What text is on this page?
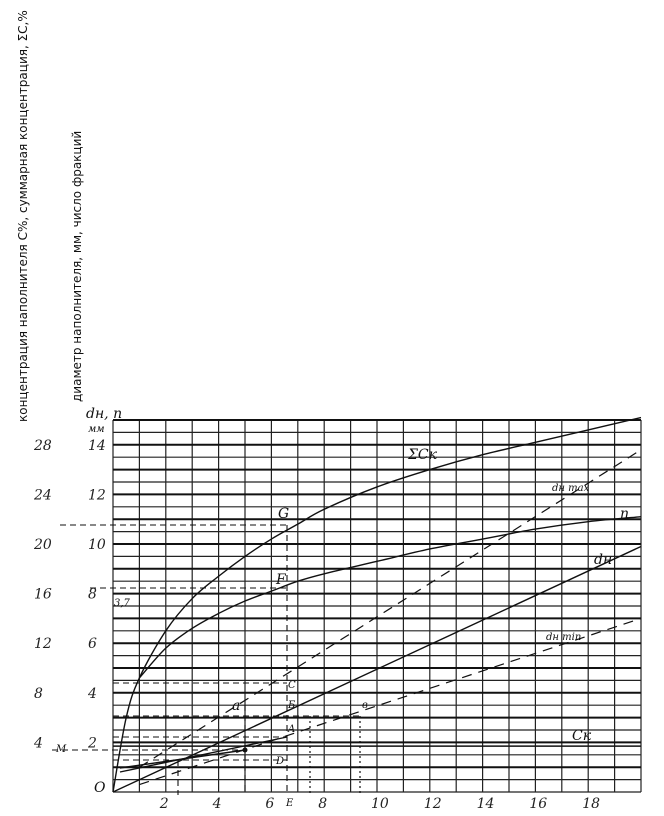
концентрация наполнителя С%, суммарная концентрация, ΣС,%	диаметр наполнителя, мм, число фракций
2	4	6	8	10 12 14 16 18
2
4
6
8
10
12
14
4
8
12
16
20
24
28
dн, n
мм
ΣCк
n
dн max
dн
dн min
Cк
G
F
C
Б
A
D
a	в
E
M
O
3,7
